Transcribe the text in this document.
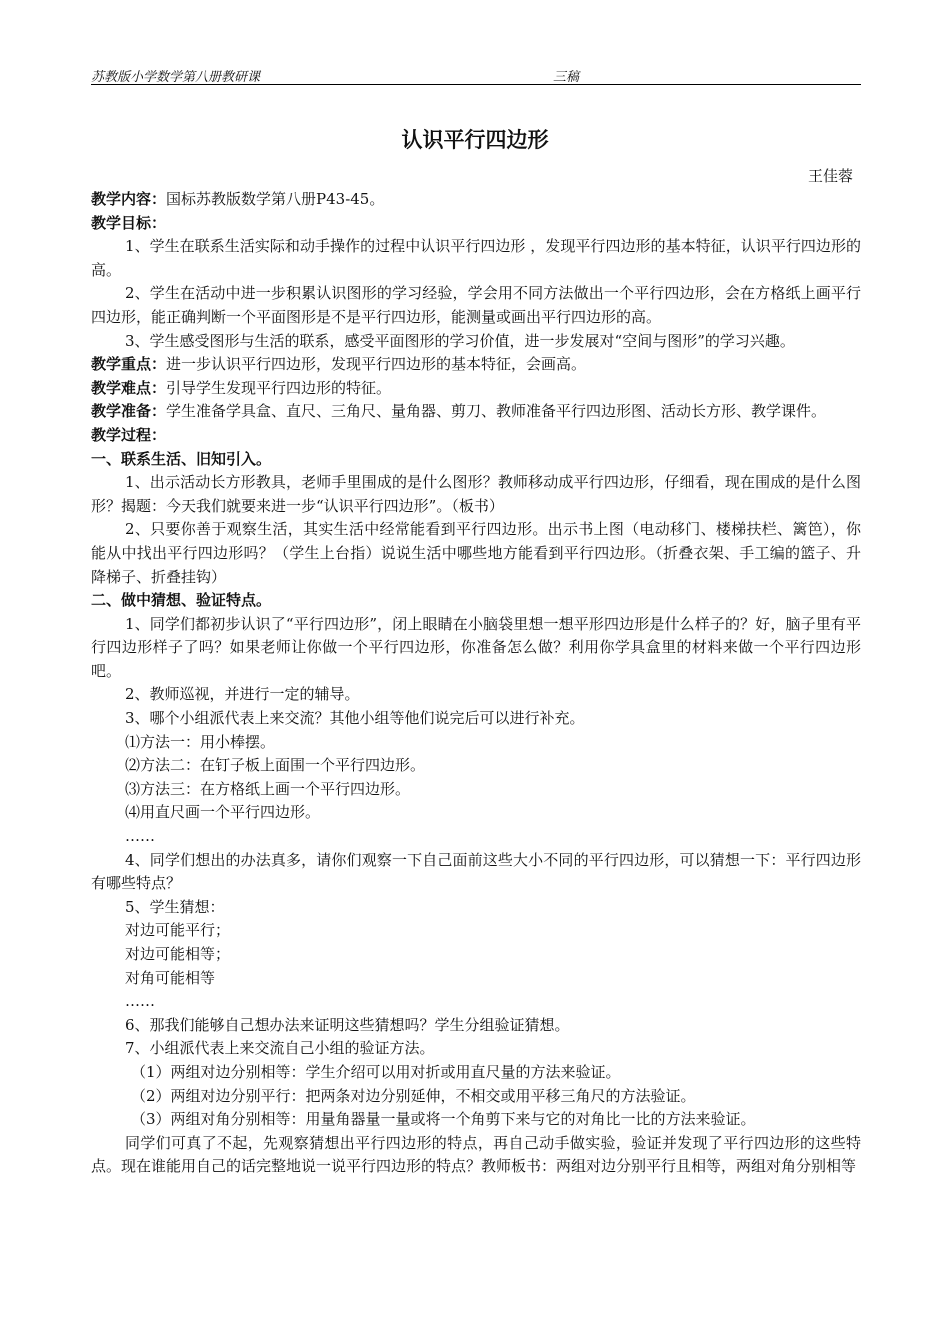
苏教版小学数学第八册教研课	三稿
认识平行四边形
王佳蓉

教学内容：国标苏教版数学第八册P43-45。

教学目标：

1、学生在联系生活实际和动手操作的过程中认识平行四边形 ，发现平行四边形的基本特征，认识平行四边形的高。

2、学生在活动中进一步积累认识图形的学习经验，学会用不同方法做出一个平行四边形，会在方格纸上画平行四边形，能正确判断一个平面图形是不是平行四边形，能测量或画出平行四边形的高。

3、学生感受图形与生活的联系，感受平面图形的学习价值，进一步发展对“空间与图形”的学习兴趣。

教学重点：进一步认识平行四边形，发现平行四边形的基本特征，会画高。

教学难点：引导学生发现平行四边形的特征。

教学准备：学生准备学具盒、直尺、三角尺、量角器、剪刀、教师准备平行四边形图、活动长方形、教学课件。

教学过程：

一、联系生活、旧知引入。

1、出示活动长方形教具，老师手里围成的是什么图形？教师移动成平行四边形，仔细看，现在围成的是什么图形？揭题：今天我们就要来进一步“认识平行四边形”。（板书）

2、只要你善于观察生活，其实生活中经常能看到平行四边形。出示书上图（电动移门、楼梯扶栏、篱笆），你能从中找出平行四边形吗？（学生上台指）说说生活中哪些地方能看到平行四边形。（折叠衣架、手工编的篮子、升降梯子、折叠挂钩）

二、做中猜想、验证特点。

1、同学们都初步认识了“平行四边形”，闭上眼睛在小脑袋里想一想平形四边形是什么样子的？好，脑子里有平行四边形样子了吗？如果老师让你做一个平行四边形，你准备怎么做？利用你学具盒里的材料来做一个平行四边形吧。

2、教师巡视，并进行一定的辅导。

3、哪个小组派代表上来交流？其他小组等他们说完后可以进行补充。

⑴方法一：用小棒摆。

⑵方法二：在钉子板上面围一个平行四边形。

⑶方法三：在方格纸上画一个平行四边形。

⑷用直尺画一个平行四边形。

……

4、同学们想出的办法真多，请你们观察一下自己面前这些大小不同的平行四边形，可以猜想一下：平行四边形有哪些特点？

5、学生猜想：

对边可能平行；

对边可能相等；

对角可能相等

……

6、那我们能够自己想办法来证明这些猜想吗？学生分组验证猜想。

7、小组派代表上来交流自己小组的验证方法。

（1）两组对边分别相等：学生介绍可以用对折或用直尺量的方法来验证。

（2）两组对边分别平行：把两条对边分别延伸，不相交或用平移三角尺的方法验证。

（3）两组对角分别相等：用量角器量一量或将一个角剪下来与它的对角比一比的方法来验证。

同学们可真了不起，先观察猜想出平行四边形的特点，再自己动手做实验，验证并发现了平行四边形的这些特点。现在谁能用自己的话完整地说一说平行四边形的特点？教师板书：两组对边分别平行且相等，两组对角分别相等
